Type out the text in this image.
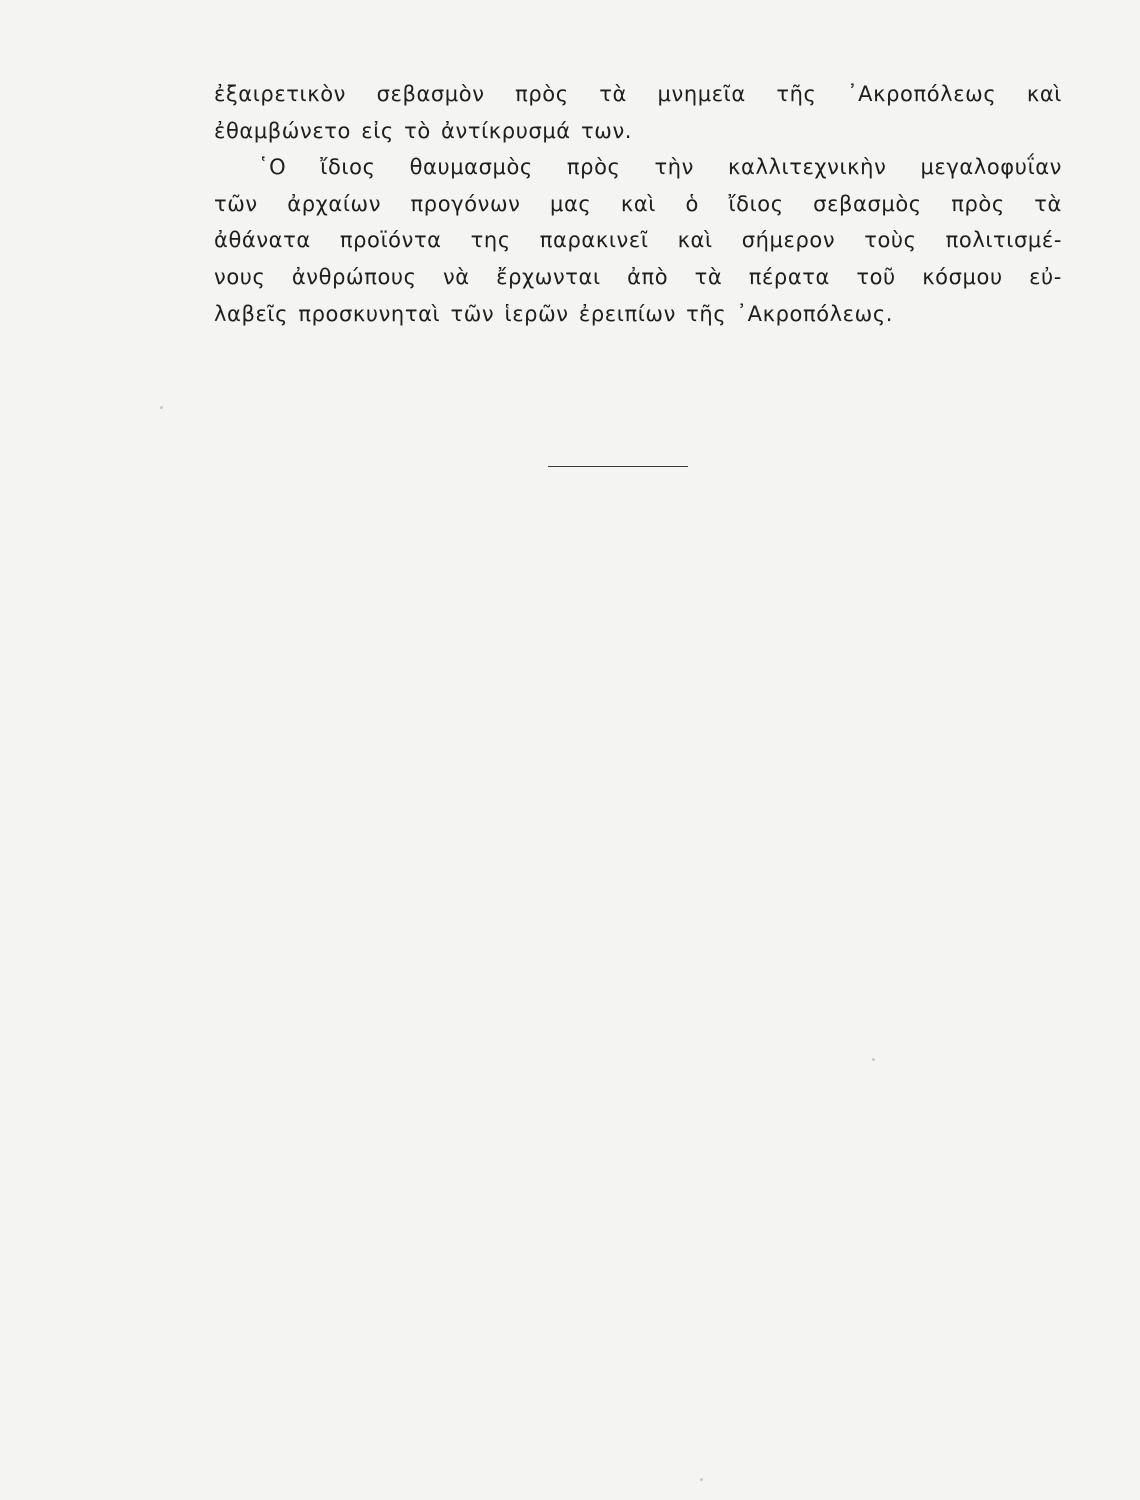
ἐξαιρετικὸν σεβασμὸν πρὸς τὰ μνημεῖα τῆς ᾿Ακροπόλεως καὶ
ἐθαμβώνετο εἰς τὸ ἀντίκρυσμά των.
῾Ο ἴδιος θαυμασμὸς πρὸς τὴν καλλιτεχνικὴν μεγαλοφυΐαν
τῶν ἀρχαίων προγόνων μας καὶ ὁ ἴδιος σεβασμὸς πρὸς τὰ
ἀθάνατα προϊόντα της παρακινεῖ καὶ σήμερον τοὺς πολιτισμέ-
νους ἀνθρώπους νὰ ἔρχωνται ἀπὸ τὰ πέρατα τοῦ κόσμου εὐ-
λαβεῖς προσκυνηταὶ τῶν ἱερῶν ἐρειπίων τῆς ᾿Ακροπόλεως.
